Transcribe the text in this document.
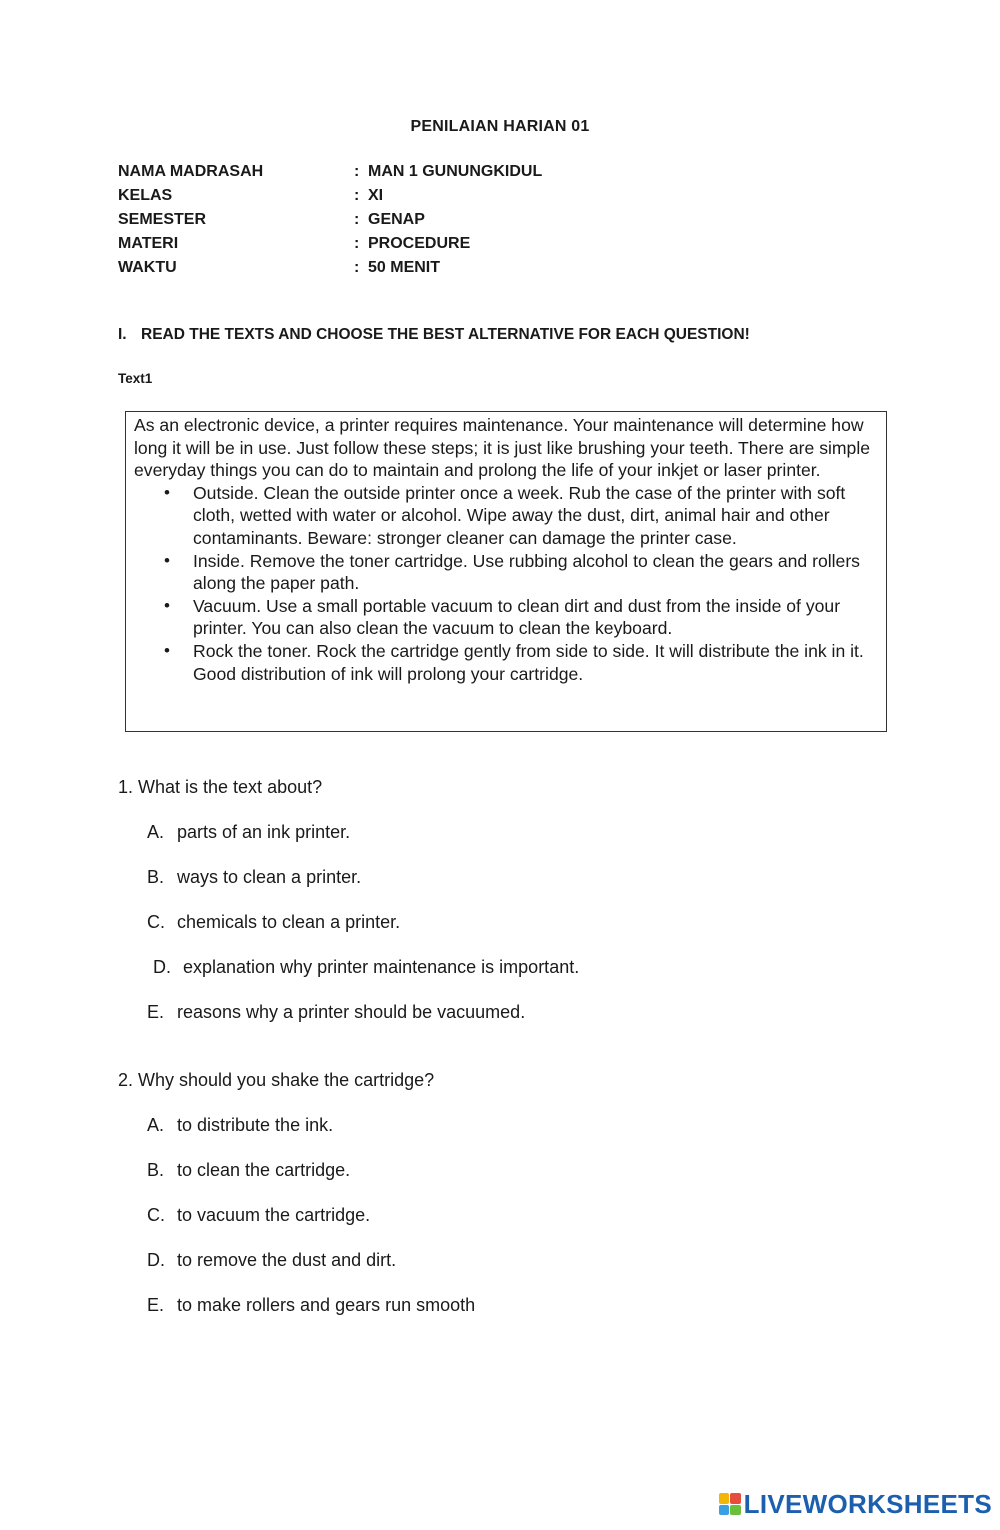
PENILAIAN HARIAN 01
NAMA MADRASAH	: MAN 1 GUNUNGKIDUL
KELAS	: XI
SEMESTER	: GENAP
MATERI	: PROCEDURE
WAKTU	: 50 MENIT
I. READ THE TEXTS AND CHOOSE THE BEST ALTERNATIVE FOR EACH QUESTION!
Text1

As an electronic device, a printer requires maintenance. Your maintenance will determine how long it will be in use. Just follow these steps; it is just like brushing your teeth. There are simple everyday things you can do to maintain and prolong the life of your inkjet or laser printer.

• Outside. Clean the outside printer once a week. Rub the case of the printer with soft cloth, wetted with water or alcohol. Wipe away the dust, dirt, animal hair and other contaminants. Beware: stronger cleaner can damage the printer case.
• Inside. Remove the toner cartridge. Use rubbing alcohol to clean the gears and rollers along the paper path.
• Vacuum. Use a small portable vacuum to clean dirt and dust from the inside of your printer. You can also clean the vacuum to clean the keyboard.
• Rock the toner. Rock the cartridge gently from side to side. It will distribute the ink in it. Good distribution of ink will prolong your cartridge.
1. What is the text about?
A. parts of an ink printer.
B. ways to clean a printer.
C. chemicals to clean a printer.
D. explanation why printer maintenance is important.
E. reasons why a printer should be vacuumed.
2. Why should you shake the cartridge?
A. to distribute the ink.
B. to clean the cartridge.
C. to vacuum the cartridge.
D. to remove the dust and dirt.
E. to make rollers and gears run smooth
LIVEWORKSHEETS
